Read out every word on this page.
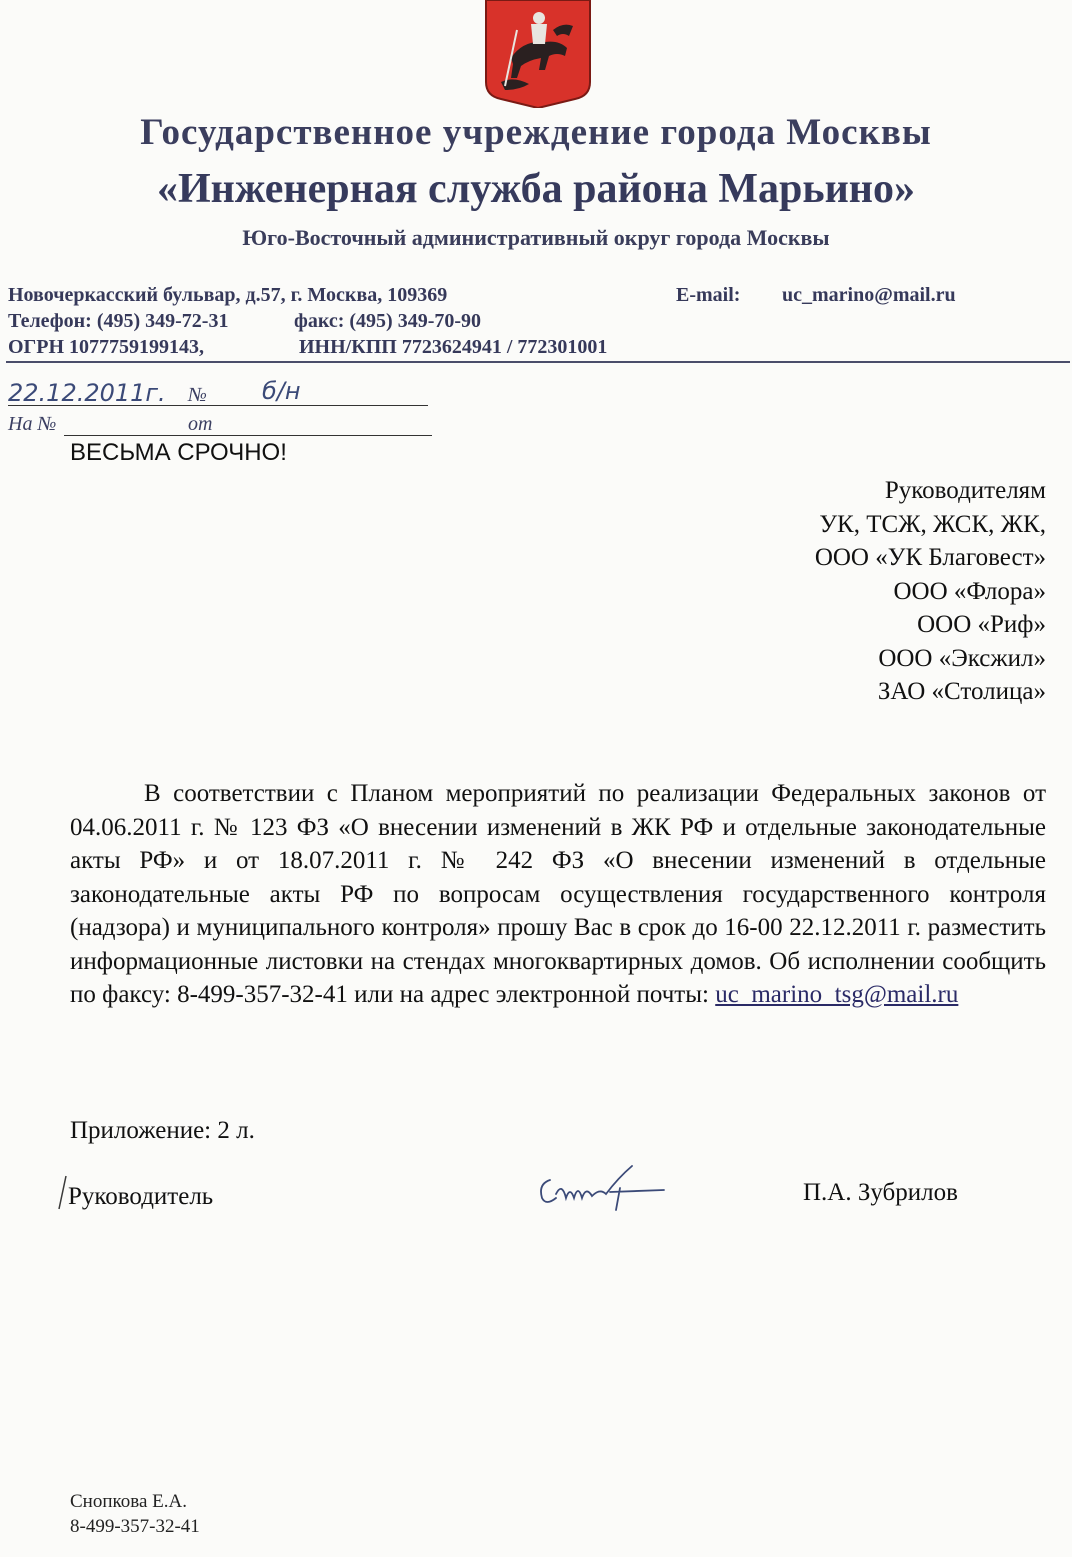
Государственное учреждение города Москвы
«Инженерная служба района Марьино»
Юго-Восточный административный округ города Москвы
Новочеркасский бульвар, д.57, г. Москва, 109369	E-mail: uc_marino@mail.ru
Телефон: (495) 349-72-31	факс: (495) 349-70-90
ОГРН 1077759199143,	ИНН/КПП 7723624941 / 772301001
22.12.2011г. № б/н
На №	от
ВЕСЬМА СРОЧНО!
Руководителям
УК, ТСЖ, ЖСК, ЖК,
ООО «УК Благовест»
ООО «Флора»
ООО «Риф»
ООО «Эксжил»
ЗАО «Столица»

В соответствии с Планом мероприятий по реализации Федеральных законов от 04.06.2011 г. № 123 ФЗ «О внесении изменений в ЖК РФ и отдельные законодательные акты РФ» и от 18.07.2011 г. № 242 ФЗ «О внесении изменений в отдельные законодательные акты РФ по вопросам осуществления государственного контроля (надзора) и муниципального контроля» прошу Вас в срок до 16-00 22.12.2011 г. разместить информационные листовки на стендах многоквартирных домов. Об исполнении сообщить по факсу: 8-499-357-32-41 или на адрес электронной почты: uc_marino_tsg@mail.ru

Приложение: 2 л.
Руководитель	П.А. Зубрилов
Снопкова Е.А.
8-499-357-32-41
